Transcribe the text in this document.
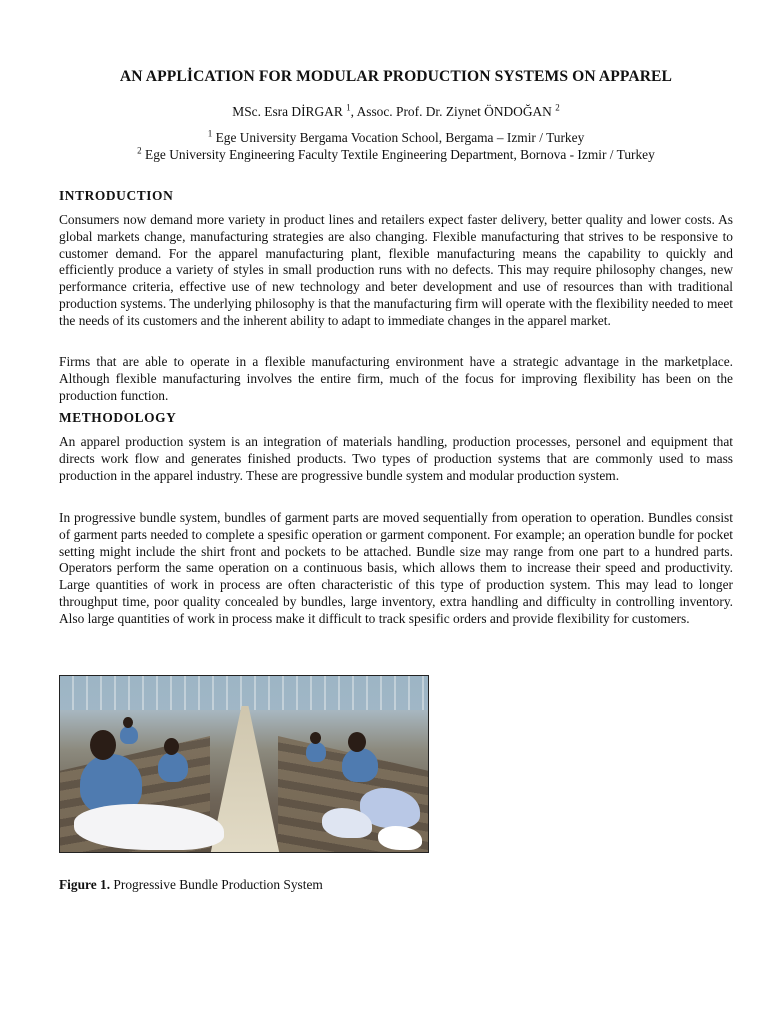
AN APPLİCATION FOR MODULAR PRODUCTION SYSTEMS ON APPAREL
MSc. Esra DİRGAR $^1$, Assoc. Prof. Dr. Ziynet ÖNDOĞAN $^2$
$^1$ Ege University Bergama Vocation School, Bergama – Izmir / Turkey
$^2$ Ege University Engineering Faculty Textile Engineering Department, Bornova - Izmir / Turkey
INTRODUCTION

Consumers now demand more variety in product lines and retailers expect faster delivery, better quality and lower costs. As global markets change, manufacturing strategies are also changing. Flexible manufacturing that strives to be responsive to customer demand. For the apparel manufacturing plant, flexible manufacturing means the capability to quickly and efficiently produce a variety of styles in small production runs with no defects. This may require philosophy changes, new performance criteria, effective use of new technology and beter development and use of resources than with traditional production systems. The underlying philosophy is that the manufacturing firm will operate with the flexibility needed to meet the needs of its customers and the inherent ability to adapt to immediate changes in the apparel market.

Firms that are able to operate in a flexible manufacturing environment have a strategic advantage in the marketplace. Although flexible manufacturing involves the entire firm, much of the focus for improving flexibility has been on the production function.

METHODOLOGY

An apparel production system is an integration of materials handling, production processes, personel and equipment that directs work flow and generates finished products. Two types of production systems that are commonly used to mass production in the apparel industry. These are progressive bundle system and modular production system.

In progressive bundle system, bundles of garment parts are moved sequentially from operation to operation. Bundles consist of garment parts needed to complete a spesific operation or garment component. For example; an operation bundle for pocket setting might include the shirt front and pockets to be attached. Bundle size may range from one part to a hundred parts. Operators perform the same operation on a continuous basis, which allows them to increase their speed and productivity. Large quantities of work in process are often characteristic of this type of production system. This may lead to longer throughput time, poor quality concealed by bundles, large inventory, extra handling and difficulty in controlling inventory. Also large quantities of work in process make it difficult to track spesific orders and provide flexibility for customers.

Figure 1. Progressive Bundle Production System
